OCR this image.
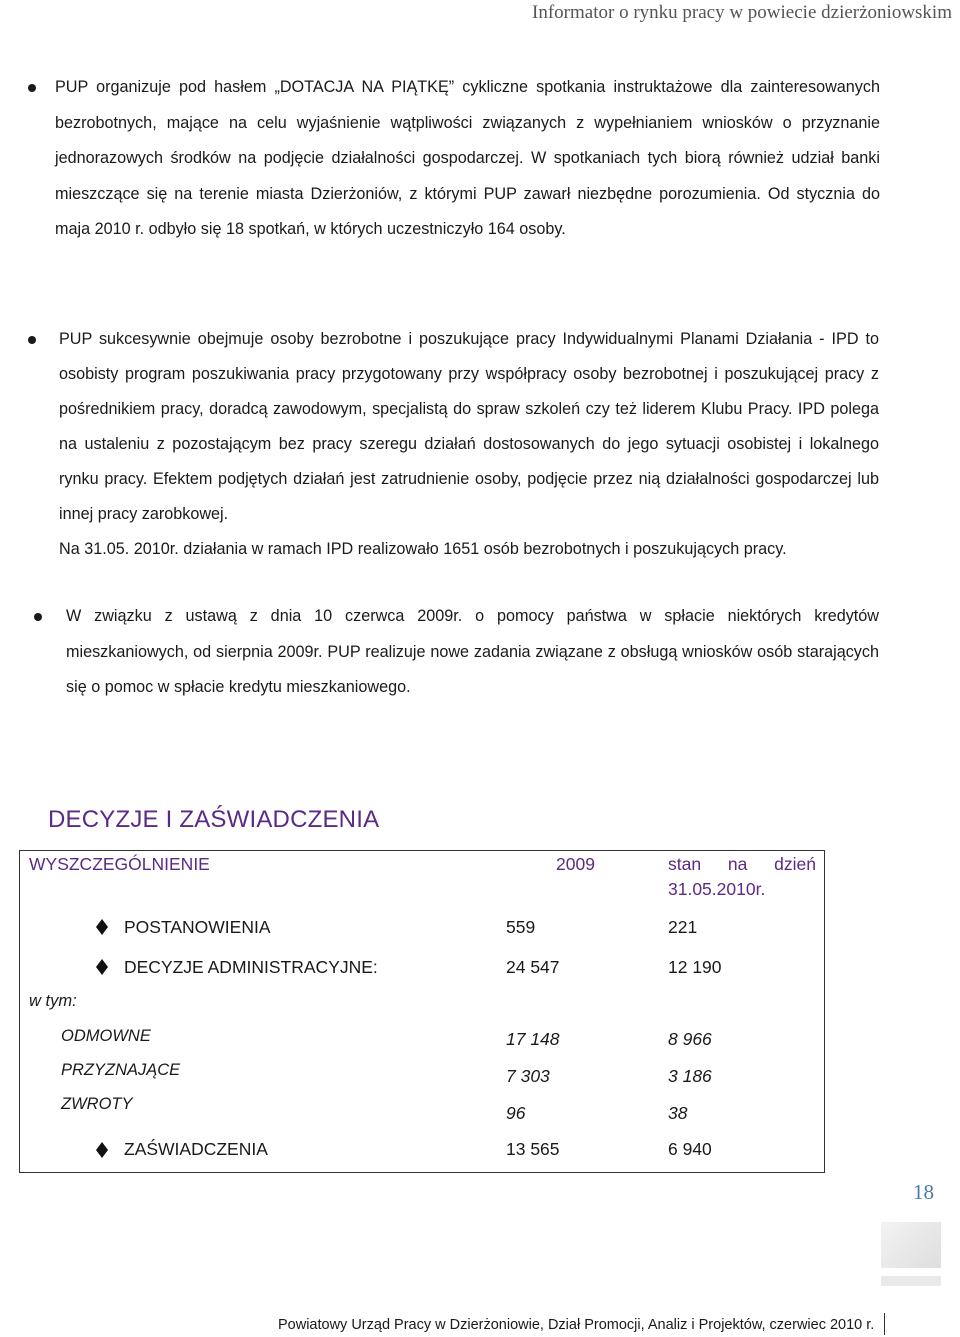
Informator o rynku pracy w powiecie dzierżoniowskim

PUP organizuje pod hasłem „DOTACJA NA PIĄTKĘ” cykliczne spotkania instruktażowe dla zainteresowanych bezrobotnych, mające na celu wyjaśnienie wątpliwości związanych z wypełnianiem wniosków o przyznanie jednorazowych środków na podjęcie działalności gospodarczej. W spotkaniach tych biorą również udział banki mieszczące się na terenie miasta Dzierżoniów, z którymi PUP zawarł niezbędne porozumienia. Od stycznia do maja 2010 r. odbyło się 18 spotkań, w których uczestniczyło 164 osoby.

PUP sukcesywnie obejmuje osoby bezrobotne i poszukujące pracy Indywidualnymi Planami Działania - IPD to osobisty program poszukiwania pracy przygotowany przy współpracy osoby bezrobotnej i poszukującej pracy z pośrednikiem pracy, doradcą zawodowym, specjalistą do spraw szkoleń czy też liderem Klubu Pracy. IPD polega na ustaleniu z pozostającym bez pracy szeregu działań dostosowanych do jego sytuacji osobistej i lokalnego rynku pracy. Efektem podjętych działań jest zatrudnienie osoby, podjęcie przez nią działalności gospodarczej lub innej pracy zarobkowej.

Na 31.05. 2010r. działania w ramach IPD realizowało 1651 osób bezrobotnych i poszukujących pracy.

W związku z ustawą z dnia 10 czerwca 2009r. o pomocy państwa w spłacie niektórych kredytów mieszkaniowych, od sierpnia 2009r. PUP realizuje nowe zadania związane z obsługą wniosków osób starających się o pomoc w spłacie kredytu mieszkaniowego.

DECYZJE I ZAŚWIADCZENIA
WYSZCZEGÓLNIENIE	2009	stan na dzień
31.05.2010r.
POSTANOWIENIA	559	221
DECYZJE ADMINISTRACYJNE:	24 547	12 190
w tym:
ODMOWNE	17 148	8 966
PRZYZNAJĄCE	7 303	3 186
ZWROTY	96	38
ZAŚWIADCZENIA	13 565	6 940
18
Powiatowy Urząd Pracy w Dzierżoniowie, Dział Promocji, Analiz i Projektów, czerwiec 2010 r.
